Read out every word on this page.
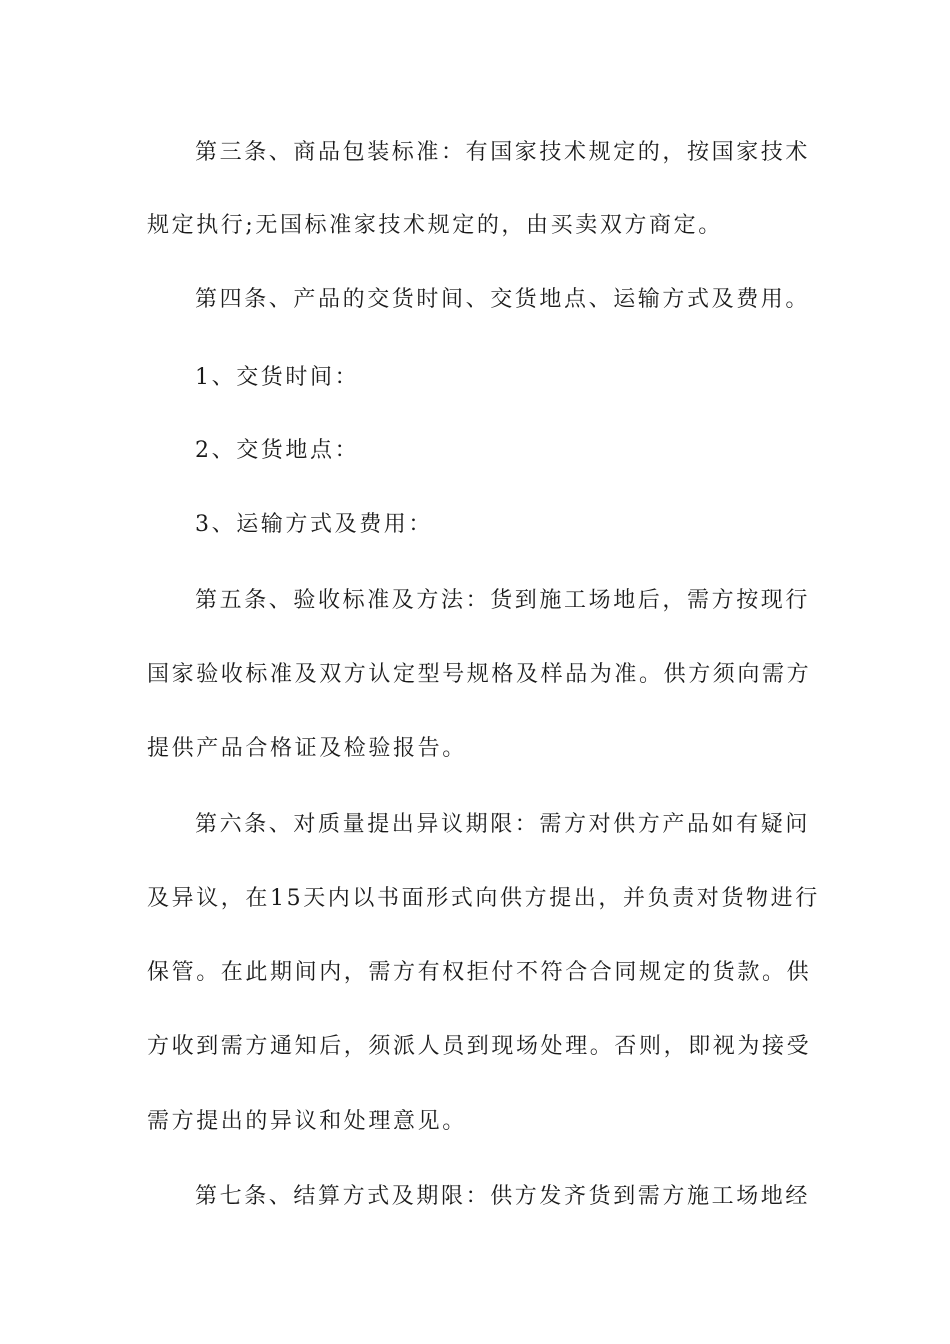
第三条、商品包装标准：有国家技术规定的，按国家技术
规定执行;无国标准家技术规定的，由买卖双方商定。
第四条、产品的交货时间、交货地点、运输方式及费用。
1、交货时间：
2、交货地点：
3、运输方式及费用：
第五条、验收标准及方法：货到施工场地后，需方按现行
国家验收标准及双方认定型号规格及样品为准。供方须向需方
提供产品合格证及检验报告。
第六条、对质量提出异议期限：需方对供方产品如有疑问
及异议，在15天内以书面形式向供方提出，并负责对货物进行
保管。在此期间内，需方有权拒付不符合合同规定的货款。供
方收到需方通知后，须派人员到现场处理。否则，即视为接受
需方提出的异议和处理意见。
第七条、结算方式及期限：供方发齐货到需方施工场地经
